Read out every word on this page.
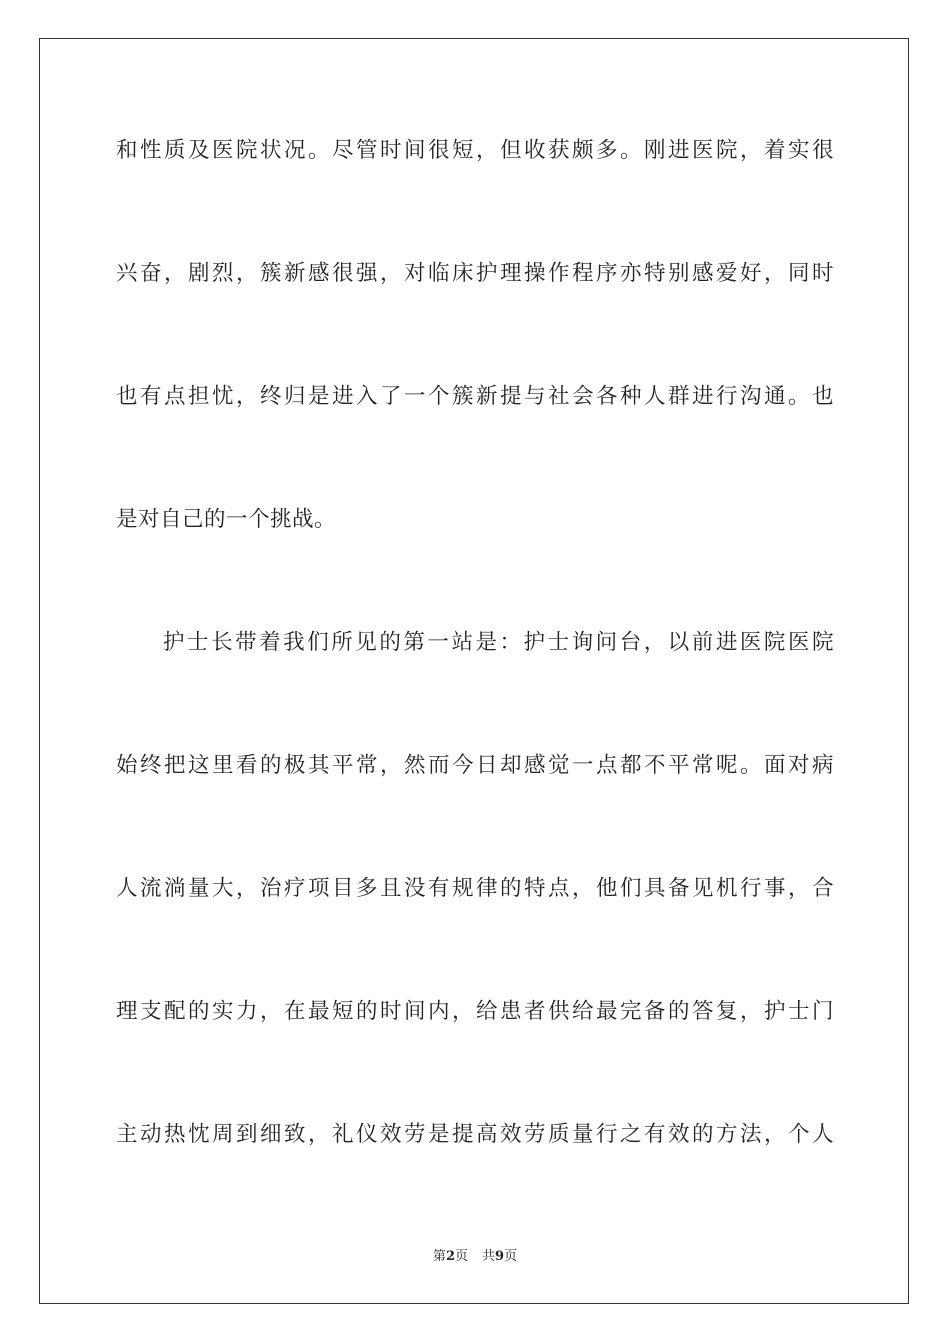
和性质及医院状况。尽管时间很短，但收获颇多。刚进医院，着实很
兴奋，剧烈，簇新感很强，对临床护理操作程序亦特别感爱好，同时
也有点担忧，终归是进入了一个簇新提与社会各种人群进行沟通。也
是对自己的一个挑战。
护士长带着我们所见的第一站是：护士询问台，以前进医院医院
始终把这里看的极其平常，然而今日却感觉一点都不平常呢。面对病
人流淌量大，治疗项目多且没有规律的特点，他们具备见机行事，合
理支配的实力，在最短的时间内，给患者供给最完备的答复，护士门
主动热忱周到细致，礼仪效劳是提高效劳质量行之有效的方法，个人
第2页 共9页
